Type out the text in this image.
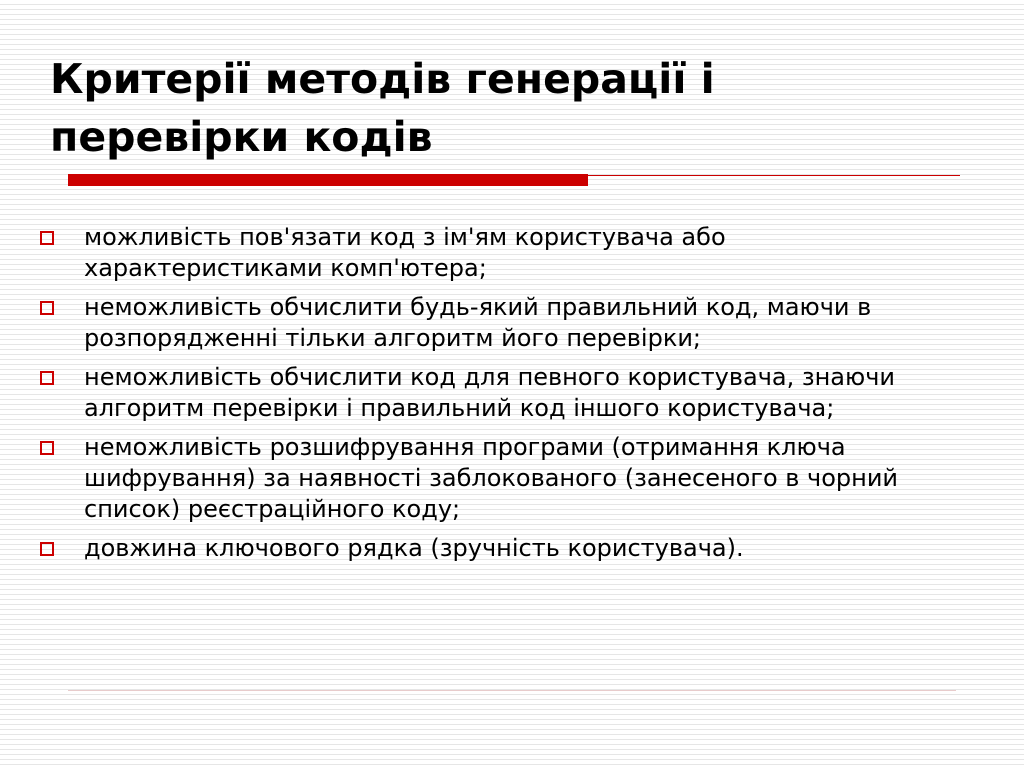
Критерії методів генерації і перевірки кодів
можливість пов'язати код з ім'ям користувача або характеристиками комп'ютера;
неможливість обчислити будь-який правильний код, маючи в розпорядженні тільки алгоритм його перевірки;
неможливість обчислити код для певного користувача, знаючи алгоритм перевірки і правильний код іншого користувача;
неможливість розшифрування програми (отримання ключа шифрування) за наявності заблокованого (занесеного в чорний список) реєстраційного коду;
довжина ключового рядка (зручність користувача).
